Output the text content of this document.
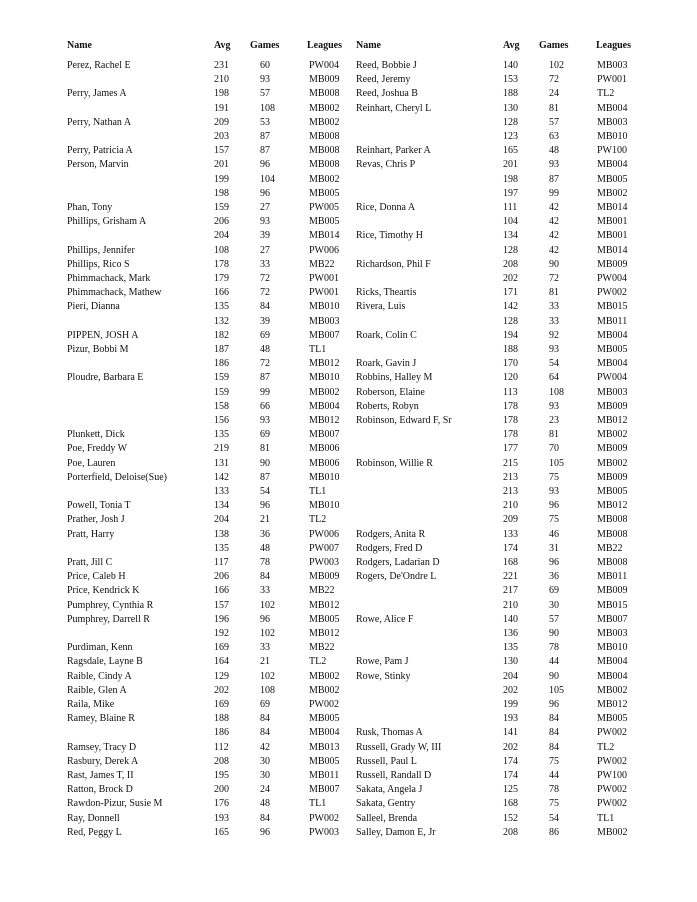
Name	Avg Games	Leagues Name	Avg Games	Leagues
Perez, Rachel E	231	60	PW004 Reed, Bobbie J	140	102	MB003
210	93	MB009 Reed, Jeremy	153	72	PW001
Perry, James A	198	57	MB008 Reed, Joshua B	188	24	TL2
191	108	MB002 Reinhart, Cheryl L	130	81	MB004
Perry, Nathan A	209	53	MB002	128	57	MB003
203	87	MB008	123	63	MB010
Perry, Patricia A	157	87	MB008 Reinhart, Parker A	165	48	PW100
Person, Marvin	201	96	MB008 Revas, Chris P	201	93	MB004
199	104	MB002	198	87	MB005
198	96	MB005	197	99	MB002
Phan, Tony	159	27	PW005 Rice, Donna A	111	42	MB014
Phillips, Grisham A	206	93	MB005	104	42	MB001
204	39	MB014 Rice, Timothy H	134	42	MB001
Phillips, Jennifer	108	27	PW006	128	42	MB014
Phillips, Rico S	178	33	MB22 Richardson, Phil F	208	90	MB009
Phimmachack, Mark	179	72	PW001	202	72	PW004
Phimmachack, Mathew	166	72	PW001 Ricks, Theartis	171	81	PW002
Pieri, Dianna	135	84	MB010 Rivera, Luis	142	33	MB015
132	39	MB003	128	33	MB011
PIPPEN, JOSH A	182	69	MB007 Roark, Colin C	194	92	MB004
Pizur, Bobbi M	187	48	TL1	188	93	MB005
186	72	MB012 Roark, Gavin J	170	54	MB004
Ploudre, Barbara E	159	87	MB010 Robbins, Halley M	120	64	PW004
159	99	MB002 Roberson, Elaine	113	108	MB003
158	66	MB004 Roberts, Robyn	178	93	MB009
156	93	MB012 Robinson, Edward F, Sr	178	23	MB012
Plunkett, Dick	135	69	MB007	178	81	MB002
Poe, Freddy W	219	81	MB006	177	70	MB009
Poe, Lauren	131	90	MB006 Robinson, Willie R	215	105	MB002
Porterfield, Deloise(Sue)	142	87	MB010	213	75	MB009
133	54	TL1	213	93	MB005
Powell, Tonia T	134	96	MB010	210	96	MB012
Prather, Josh J	204	21	TL2	209	75	MB008
Pratt, Harry	138	36	PW006 Rodgers, Anita R	133	46	MB008
135	48	PW007 Rodgers, Fred D	174	31	MB22
Pratt, Jill C	117	78	PW003 Rodgers, Ladarian D	168	96	MB008
Price, Caleb H	206	84	MB009 Rogers, De'Ondre L	221	36	MB011
Price, Kendrick K	166	33	MB22	217	69	MB009
Pumphrey, Cynthia R	157	102	MB012	210	30	MB015
Pumphrey, Darrell R	196	96	MB005 Rowe, Alice F	140	57	MB007
192	102	MB012	136	90	MB003
Purdiman, Kenn	169	33	MB22	135	78	MB010
Ragsdale, Layne B	164	21	TL2	Rowe, Pam J	130	44	MB004
Raible, Cindy A	129	102	MB002 Rowe, Stinky	204	90	MB004
Raible, Glen A	202	108	MB002	202	105	MB002
Raila, Mike	169	69	PW002	199	96	MB012
Ramey, Blaine R	188	84	MB005	193	84	MB005
186	84	MB004 Rusk, Thomas A	141	84	PW002
Ramsey, Tracy D	112	42	MB013 Russell, Grady W, III	202	84	TL2
Rasbury, Derek A	208	30	MB005 Russell, Paul L	174	75	PW002
Rast, James T, II	195	30	MB011 Russell, Randall D	174	44	PW100
Ratton, Brock D	200	24	MB007 Sakata, Angela J	125	78	PW002
Rawdon-Pizur, Susie M	176	48	TL1	Sakata, Gentry	168	75	PW002
Ray, Donnell	193	84	PW002 Salleel, Brenda	152	54	TL1
Red, Peggy L	165	96	PW003 Salley, Damon E, Jr	208	86	MB002
